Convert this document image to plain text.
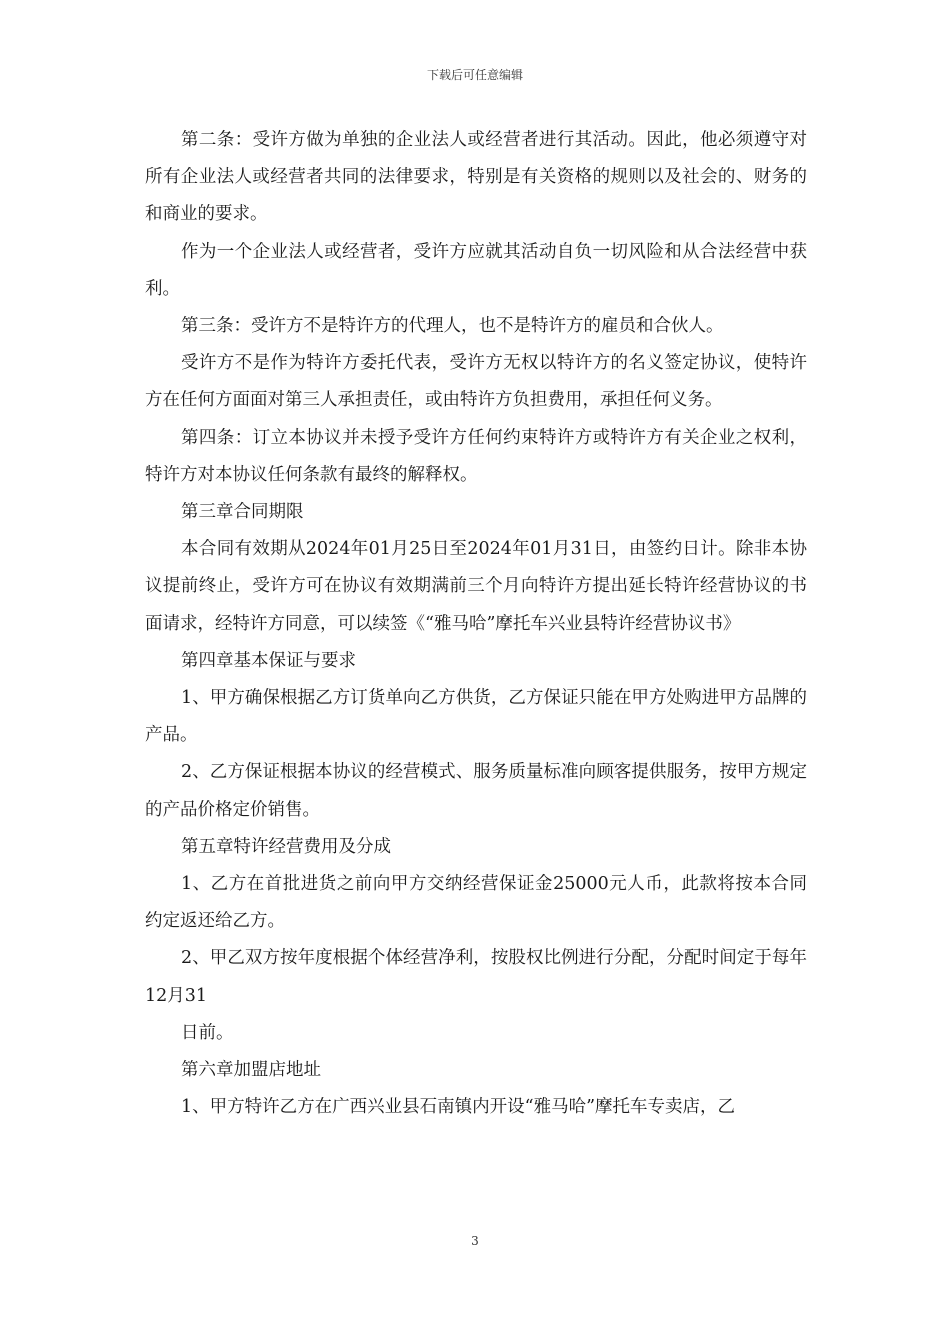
下载后可任意编辑

第二条：受许方做为单独的企业法人或经营者进行其活动。因此，他必须遵守对所有企业法人或经营者共同的法律要求，特别是有关资格的规则以及社会的、财务的和商业的要求。

作为一个企业法人或经营者，受许方应就其活动自负一切风险和从合法经营中获利。

第三条：受许方不是特许方的代理人，也不是特许方的雇员和合伙人。

受许方不是作为特许方委托代表，受许方无权以特许方的名义签定协议，使特许方在任何方面面对第三人承担责任，或由特许方负担费用，承担任何义务。

第四条：订立本协议并未授予受许方任何约束特许方或特许方有关企业之权利，特许方对本协议任何条款有最终的解释权。

第三章合同期限

本合同有效期从2024年01月25日至2024年01月31日，由签约日计。除非本协议提前终止，受许方可在协议有效期满前三个月向特许方提出延长特许经营协议的书面请求，经特许方同意，可以续签《“雅马哈”摩托车兴业县特许经营协议书》

第四章基本保证与要求

1、甲方确保根据乙方订货单向乙方供货，乙方保证只能在甲方处购进甲方品牌的产品。

2、乙方保证根据本协议的经营模式、服务质量标准向顾客提供服务，按甲方规定的产品价格定价销售。

第五章特许经营费用及分成

1、乙方在首批进货之前向甲方交纳经营保证金25000元人币，此款将按本合同约定返还给乙方。

2、甲乙双方按年度根据个体经营净利，按股权比例进行分配，分配时间定于每年12月31

日前。

第六章加盟店地址

1、甲方特许乙方在广西兴业县石南镇内开设“雅马哈”摩托车专卖店，乙

3
